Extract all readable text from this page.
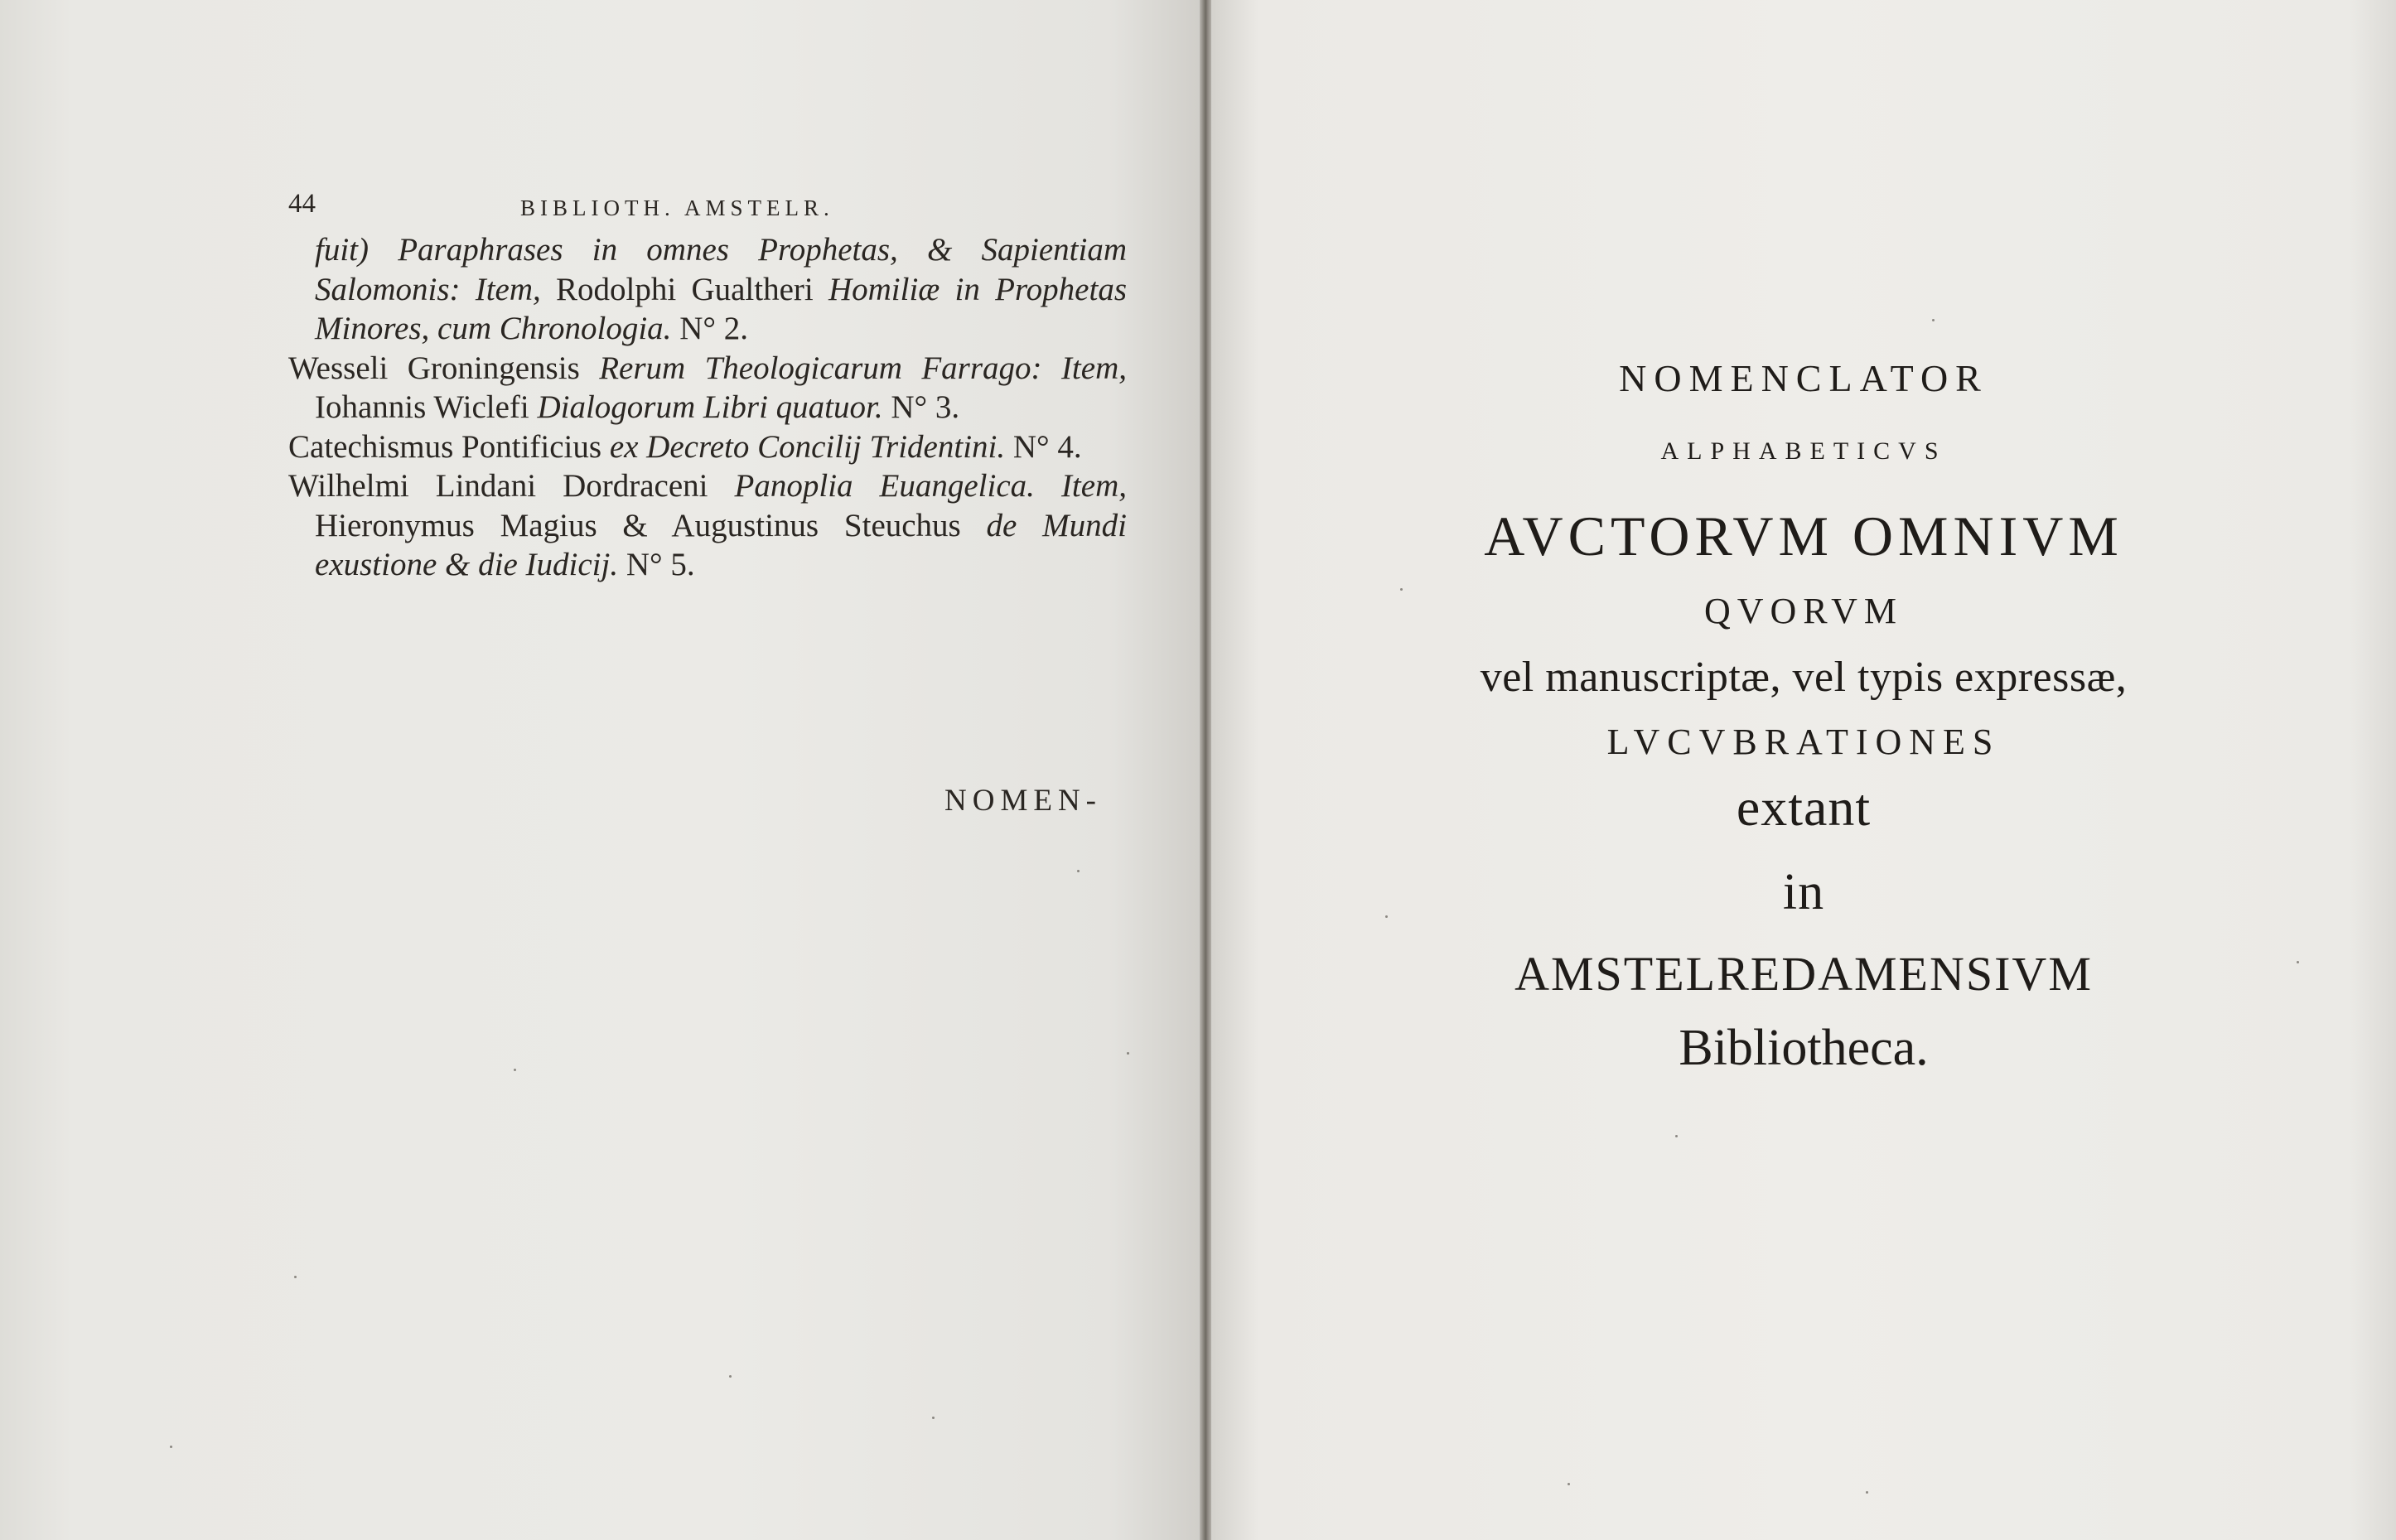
BIBLIOTH. AMSTELR.
44

fuit) Paraphrases in omnes Prophetas, & Sapientiam Salomonis: Item, Rodolphi Gualtheri Homiliæ in Prophetas Minores, cum Chronologia. N° 2.

Wesseli Groningensis Rerum Theologicarum Farrago: Item, Iohannis Wiclefi Dialogorum Libri quatuor. N° 3.

Catechismus Pontificius ex Decreto Concilij Tridentini. N° 4.

Wilhelmi Lindani Dordraceni Panoplia Euangelica. Item, Hieronymus Magius & Augustinus Steuchus de Mundi exustione & die Iudicij. N° 5.

NOMEN-
NOMENCLATOR
ALPHABETICVS
AVCTORVM OMNIVM
QVORVM
vel manuscriptæ, vel typis expressæ,
LVCVBRATIONES
extant
in
AMSTELREDAMENSIVM
Bibliotheca.
